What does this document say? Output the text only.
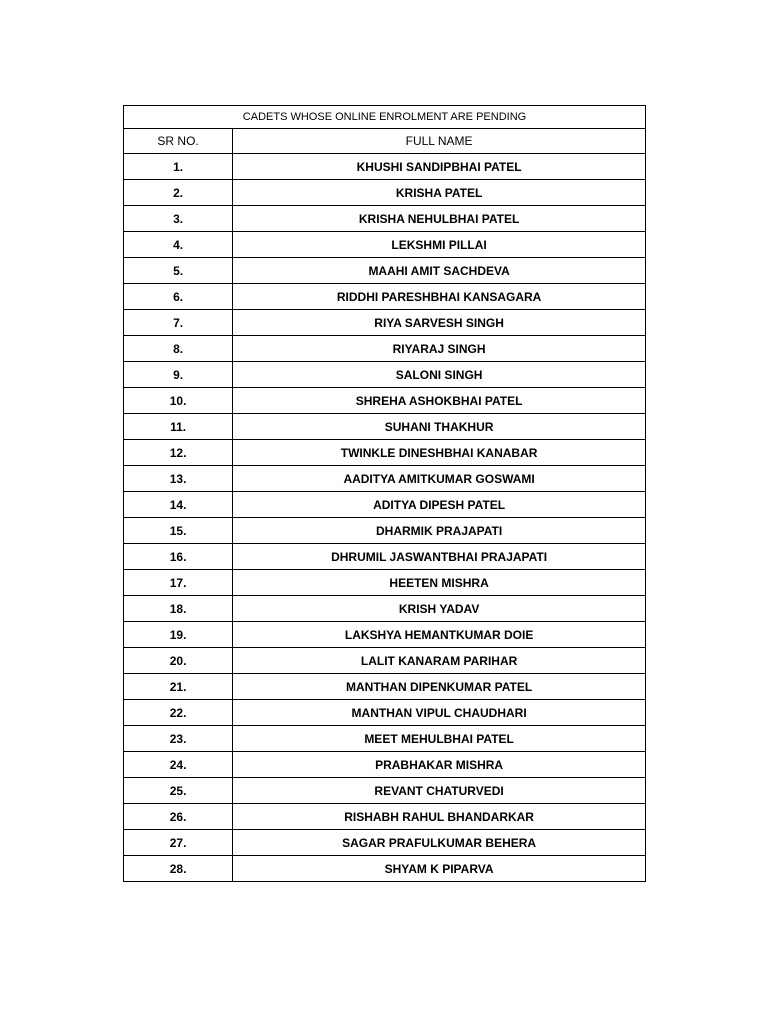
CADETS WHOSE ONLINE ENROLMENT ARE PENDING	
SR NO.	FULL NAME
1.	KHUSHI SANDIPBHAI PATEL
2.	KRISHA PATEL
3.	KRISHA NEHULBHAI PATEL
4.	LEKSHMI PILLAI
5.	MAAHI AMIT SACHDEVA
6.	RIDDHI PARESHBHAI KANSAGARA
7.	RIYA SARVESH SINGH
8.	RIYARAJ SINGH
9.	SALONI SINGH
10.	SHREHA ASHOKBHAI PATEL
11.	SUHANI THAKHUR
12.	TWINKLE DINESHBHAI KANABAR
13.	AADITYA AMITKUMAR GOSWAMI
14.	ADITYA DIPESH PATEL
15.	DHARMIK PRAJAPATI
16.	DHRUMIL JASWANTBHAI PRAJAPATI
17.	HEETEN MISHRA
18.	KRISH YADAV
19.	LAKSHYA HEMANTKUMAR DOIE
20.	LALIT KANARAM PARIHAR
21.	MANTHAN DIPENKUMAR PATEL
22.	MANTHAN VIPUL CHAUDHARI
23.	MEET MEHULBHAI PATEL
24.	PRABHAKAR MISHRA
25.	REVANT CHATURVEDI
26.	RISHABH RAHUL BHANDARKAR
27.	SAGAR PRAFULKUMAR BEHERA
28.	SHYAM K PIPARVA
